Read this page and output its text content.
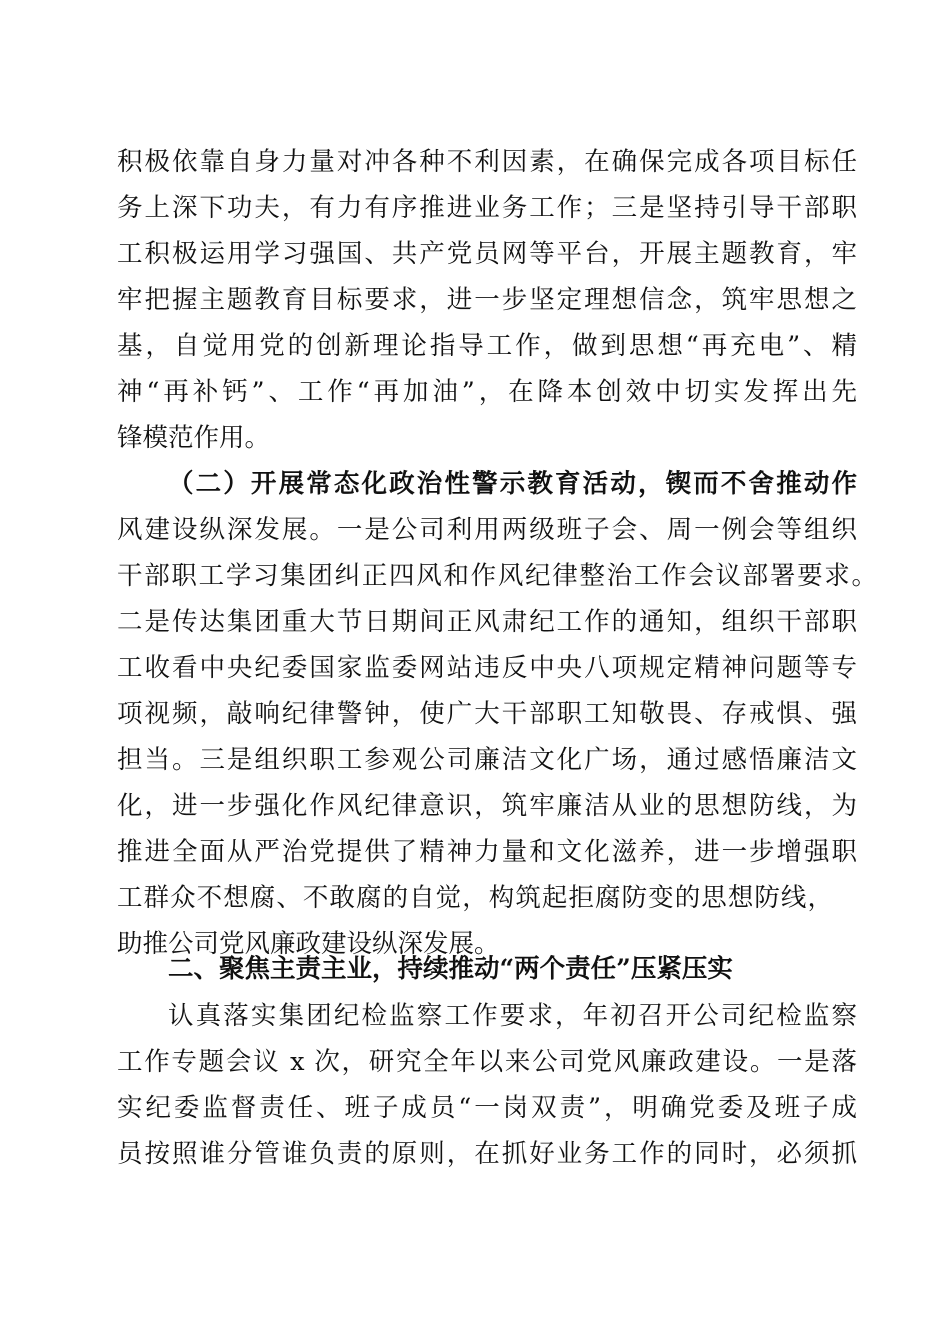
积极依靠自身力量对冲各种不利因素，在确保完成各项目标任
务上深下功夫，有力有序推进业务工作；三是坚持引导干部职
工积极运用学习强国、共产党员网等平台，开展主题教育，牢
牢把握主题教育目标要求，进一步坚定理想信念，筑牢思想之
基，自觉用党的创新理论指导工作，做到思想“再充电”、精
神“再补钙”、工作“再加油”，在降本创效中切实发挥出先
锋模范作用。
（二）开展常态化政治性警示教育活动，锲而不舍推动作
风建设纵深发展。一是公司利用两级班子会、周一例会等组织
干部职工学习集团纠正四风和作风纪律整治工作会议部署要求。
二是传达集团重大节日期间正风肃纪工作的通知，组织干部职
工收看中央纪委国家监委网站违反中央八项规定精神问题等专
项视频，敲响纪律警钟，使广大干部职工知敬畏、存戒惧、强
担当。三是组织职工参观公司廉洁文化广场，通过感悟廉洁文
化，进一步强化作风纪律意识，筑牢廉洁从业的思想防线，为
推进全面从严治党提供了精神力量和文化滋养，进一步增强职
工群众不想腐、不敢腐的自觉，构筑起拒腐防变的思想防线，
助推公司党风廉政建设纵深发展。
二、聚焦主责主业，持续推动“两个责任”压紧压实
认真落实集团纪检监察工作要求，年初召开公司纪检监察
工作专题会议 x 次，研究全年以来公司党风廉政建设。一是落
实纪委监督责任、班子成员“一岗双责”，明确党委及班子成
员按照谁分管谁负责的原则，在抓好业务工作的同时，必须抓
